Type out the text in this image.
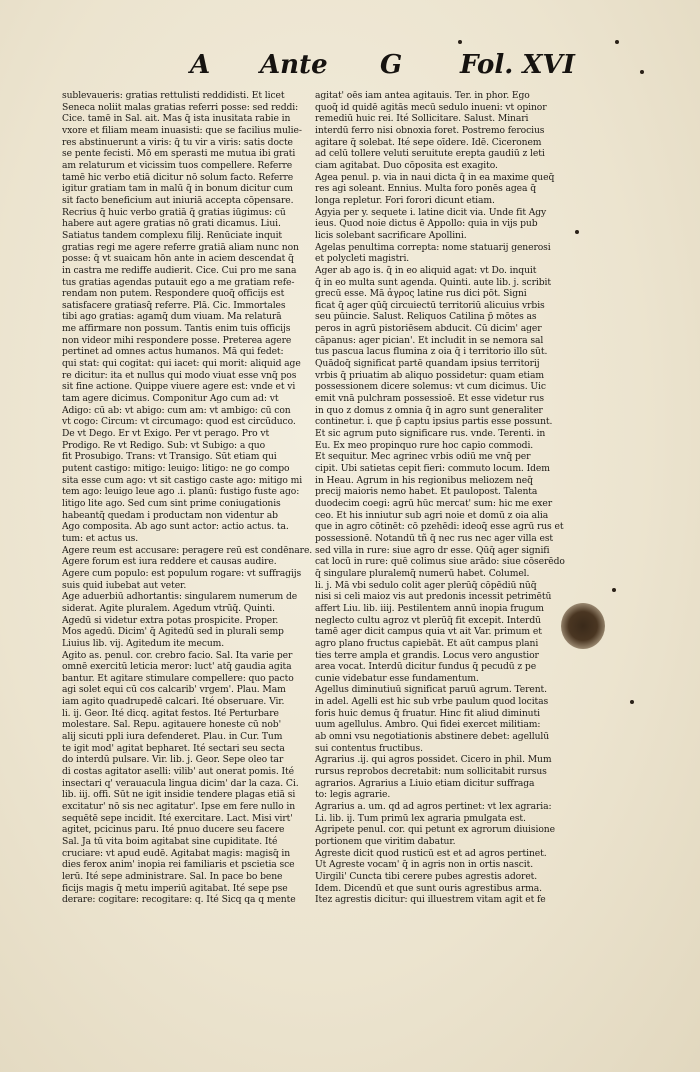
A Ante G Fol. XVI
sublevaueris: gratias rettulisti reddidisti. Et licet
Seneca noliit malas gratias referri posse: sed reddi:
Cice. tamē in Sal. ait. Mas q̄ ista inusitata rabie in
vxore et filiam meam inuasisti: que se facilius mulie-
res abstinuerunt a viris: q̄ tu vir a viris: satis docte
se pente fecisti. Mō em sperasti me mutua ibi grati
am relaturum et vicissim tuos compellere. Referre
tamē hic verbo etiā dicitur nō solum facto. Referre
igitur gratiam tam in malū q̄ in bonum dicitur cum
sit facto beneficium aut iniuriā accepta cōpensare.
Recrius q̄ huic verbo gratiā q̄ gratias iūgimus: cū
habere aut agere gratias nō grati dicamus. Liui.
Satiatus tandem complexu filij. Renūciate inquit
gratias regi me agere referre gratiā aliam nunc non
posse: q̄ vt suaicam hōn ante in aciem descendat q̄
in castra me rediffe audierit. Cice. Cui pro me sana
tus gratias agendas putauit ego a me gratiam refe-
rendam non putem. Respondere quoq̄ officijs est
satisfacere gratiasq̄ referre. Plā. Cic. Immortales
tibi ago gratias: agamq̄ dum viuam. Ma relaturā
me affirmare non possum. Tantis enim tuis officijs
non videor mihi respondere posse. Preterea agere
pertinet ad omnes actus humanos. Mā qui fedet:
qui stat: qui cogitat: qui iacet: qui morit: aliquid age
re dicitur: ita et nullus qui modo viuat esse vnq̄ pos
sit fine actione. Quippe viuere agere est: vnde et vi
tam agere dicimus. Componitur Ago cum ad: vt
Adigo: cū ab: vt abigo: cum am: vt ambigo: cū con
vt cogo: Circum: vt circumago: quod est circūduco.
De vt Dego. Er vt Exigo. Per vt perago. Pro vt
Prodigo. Re vt Redigo. Sub: vt Subigo: a quo
fit Prosubigo. Trans: vt Transigo. Sūt etiam qui
putent castigo: mitigo: leuigo: litigo: ne go compo
sita esse cum ago: vt sit castigo caste ago: mitigo mi
tem ago: leuigo leue ago .i. planū: fustigo fuste ago:
litigo lite ago. Sed cum sint prime coniugationis
habeantq̄ quedam i productam non videntur ab
Ago composita. Ab ago sunt actor: actio actus. ta.
tum: et actus us.
Agere reum est accusare: peragere reū est condēnare.
Agere forum est iura reddere et causas audire.
Agere cum populo: est populum rogare: vt suffragijs
suis quid iubebat aut veter.
Age aduerbiū adhortantis: singularem numerum de
siderat. Agite pluralem. Agedum vtrūq̄. Quinti.
Agedū si videtur extra potas prospicite. Proper.
Mos agedū. Dicim' q̄ Agitedū sed in plurali semp
Liuius lib. vij. Agitedum ite mecum.
Agito as. penul. cor. crebro facio. Sal. Ita varie per
omnē exercitū leticia meror: luct' atq̄ gaudia agita
bantur. Et agitare stimulare compellere: quo pacto
agi solet equi cū cos calcarib' vrgem'. Plau. Mam
iam agito quadrupedē calcari. Ité obseruare. Vir.
li. ij. Geor. Ité dicq. agitat festos. Ité Perturbare
molestare. Sal. Repu. agitauere honeste cū nob'
alij sicuti ppli iura defenderet. Plau. in Cur. Tum
te igit mod' agitat bepharet. Ité sectari seu secta
do interdū pulsare. Vir. lib. j. Geor. Sepe oleo tar
di costas agitator aselli: vilib' aut onerat pomis. Ité
insectari q' verauacula lingua dicim' dar la caza. Ci.
lib. iij. offi. Sūt ne igit insidie tendere plagas etiā si
excitatur' nō sis nec agitatur'. Ipse em fere nullo in
sequētē sepe incidit. Ité exercitare. Lact. Misi virt'
agitet, pcicinus paru. Ité pnuo ducere seu facere
Sal. Ja tū vita boim agitabat sine cupiditate. Ité
cruciare: vt apud eudē. Agitabat magis: magisq̄ in
dies ferox anim' inopia rei familiaris et pscietia sce
lerū. Ité sepe administrare. Sal. In pace b̄o bene
ficijs magis q̄ metu imperiū agitabat. Ité sepe pse
derare: cogitare: recogitare: q. Ité Sicq qa q mente
agitat' oēs iam antea agitauis. Ter. in phor. Ego
quoq̄ id quidē agitās mecū sedulo inueni: vt opinor
remediū huic rei. Ité Sollicitare. Salust. Minari
interdū ferro nisi obnoxia foret. Postremo ferocius
agitare q̄ solebat. Ité sepe oīdere. Idē. Ciceronem
ad celū tollere veluti seruitute erepta gaudiū z leti
ciam agitabat. Duo cōposita est exagito.
Agea penul. p. via in naui dicta q̄ in ea maxime queq̄
res agi soleant. Ennius. Multa foro ponēs agea q̄
longa repletur. Fori forori dicunt etiam.
Agyia per y. sequete i. latine dicit via. Unde fit Agy
ieus. Quod noie dictus ē Appollo: quia in vijs pub
licis solebant sacrificare Apollini.
Agelas penultima correpta: nome statuarij generosi
et polycleti magistri.
Ager ab ago is. q̄ in eo aliquid agat: vt Do. inquit
q̄ in eo multa sunt agenda. Quinti. aute lib. j. scribit
grecū esse. Mā ἀγρος latine rus dici pōt. Signi
ficat q̄ ager qūq̄ circuiectū territoriū alicuius vrbis
seu pūincie. Salust. Reliquos Catilina p̄ mōtes as
peros in agrū pistoriēsem abducit. Cū dicim' ager
cāpanus: ager pician'. Et includit in se nemora sal
tus pascua lacus flumina z oia q̄ i territorio illo sūt.
Quādoq̄ significat partē quandam ipsius territorij
vrbis q̄ priuatim ab aliquo possidetur: quam etiam
possessionem dicere solemus: vt cum dicimus. Uic
emit vnā pulchram possessioē. Et esse videtur rus
in quo z domus z omnia q̄ in agro sunt generaliter
continetur. i. que p̄ captu ipsius partis esse possunt.
Et sic agrum puto significare rus. vnde. Terenti. in
Eu. Ex meo propinquo rure hoc capio commodi.
Et sequitur. Mec agrinec vrbis odiū me vnq̄ per
cipit. Ubi satietas cepit fieri: commuto locum. Idem
in Heau. Agrum in his regionibus meliozem neq̄
precij maioris nemo habet. Et paulopost. Talenta
duodecim coegi: agrū hūc mercat' sum: hic me exer
ceo. Et his inniutur sub agri noie et domū z oia alia
que in agro cōtinēt: cō pzehēdi: ideoq̄ esse agrū rus et
possessionē. Notandū tñ q̄ nec rus nec ager villa est
sed villa in rure: siue agro dr esse. Qūq̄ ager signifi
cat locū in rure: quē colimus siue arādo: siue cōserēdo
q̄ singulare pluralemq̄ numerū habet. Columel.
li. j. Mā vbi sedulo colit ager plerūq̄ cōpēdiū nūq̄
nisi si celi maioz vis aut predonis incessit petrimētū
affert Liu. lib. iiij. Pestilentem annū inopia frugum
neglecto cultu agroz vt plerūq̄ fit excepit. Interdū
tamē ager dicit campus quia vt ait Var. primum et
agro plano fructus capiebāt. Et aūt campus plani
ties terre ampla et grandis. Locus vero angustior
area vocat. Interdū dicitur fundus q̄ pecudū z pe
cunie videbatur esse fundamentum.
Agellus diminutiuū significat paruū agrum. Terent.
in adel. Agelli est hic sub vrbe paulum quod locitas
foris huic demus q̄ fruatur. Hinc fit aliud diminuti
uum agellulus. Ambro. Qui fidei exercet militiam:
ab omni vsu negotiationis abstinere debet: agellulū
sui contentus fructibus.
Agrarius .ij. qui agros possidet. Cicero in phil. Mum
rursus reprobos decretabit: num sollicitabit rursus
agrarios. Agrarius a Liuio etiam dicitur suffraga
to: legis agrarie.
Agrarius a. um. qd ad agros pertinet: vt lex agraria:
Li. lib. ij. Tum primū lex agraria pmulgata est.
Agripete penul. cor. qui petunt ex agrorum diuisione
portionem que viritim dabatur.
Agreste dicit quod rusticū est et ad agros pertinet.
Ut Agreste vocam' q̄ in agris non in ortis nascit.
Uirgili' Cuncta tibi cerere pubes agrestis adoret.
Idem. Dicendū et que sunt ouris agrestibus arma.
Itez agrestis dicitur: qui illuestrem vitam agit et fe
